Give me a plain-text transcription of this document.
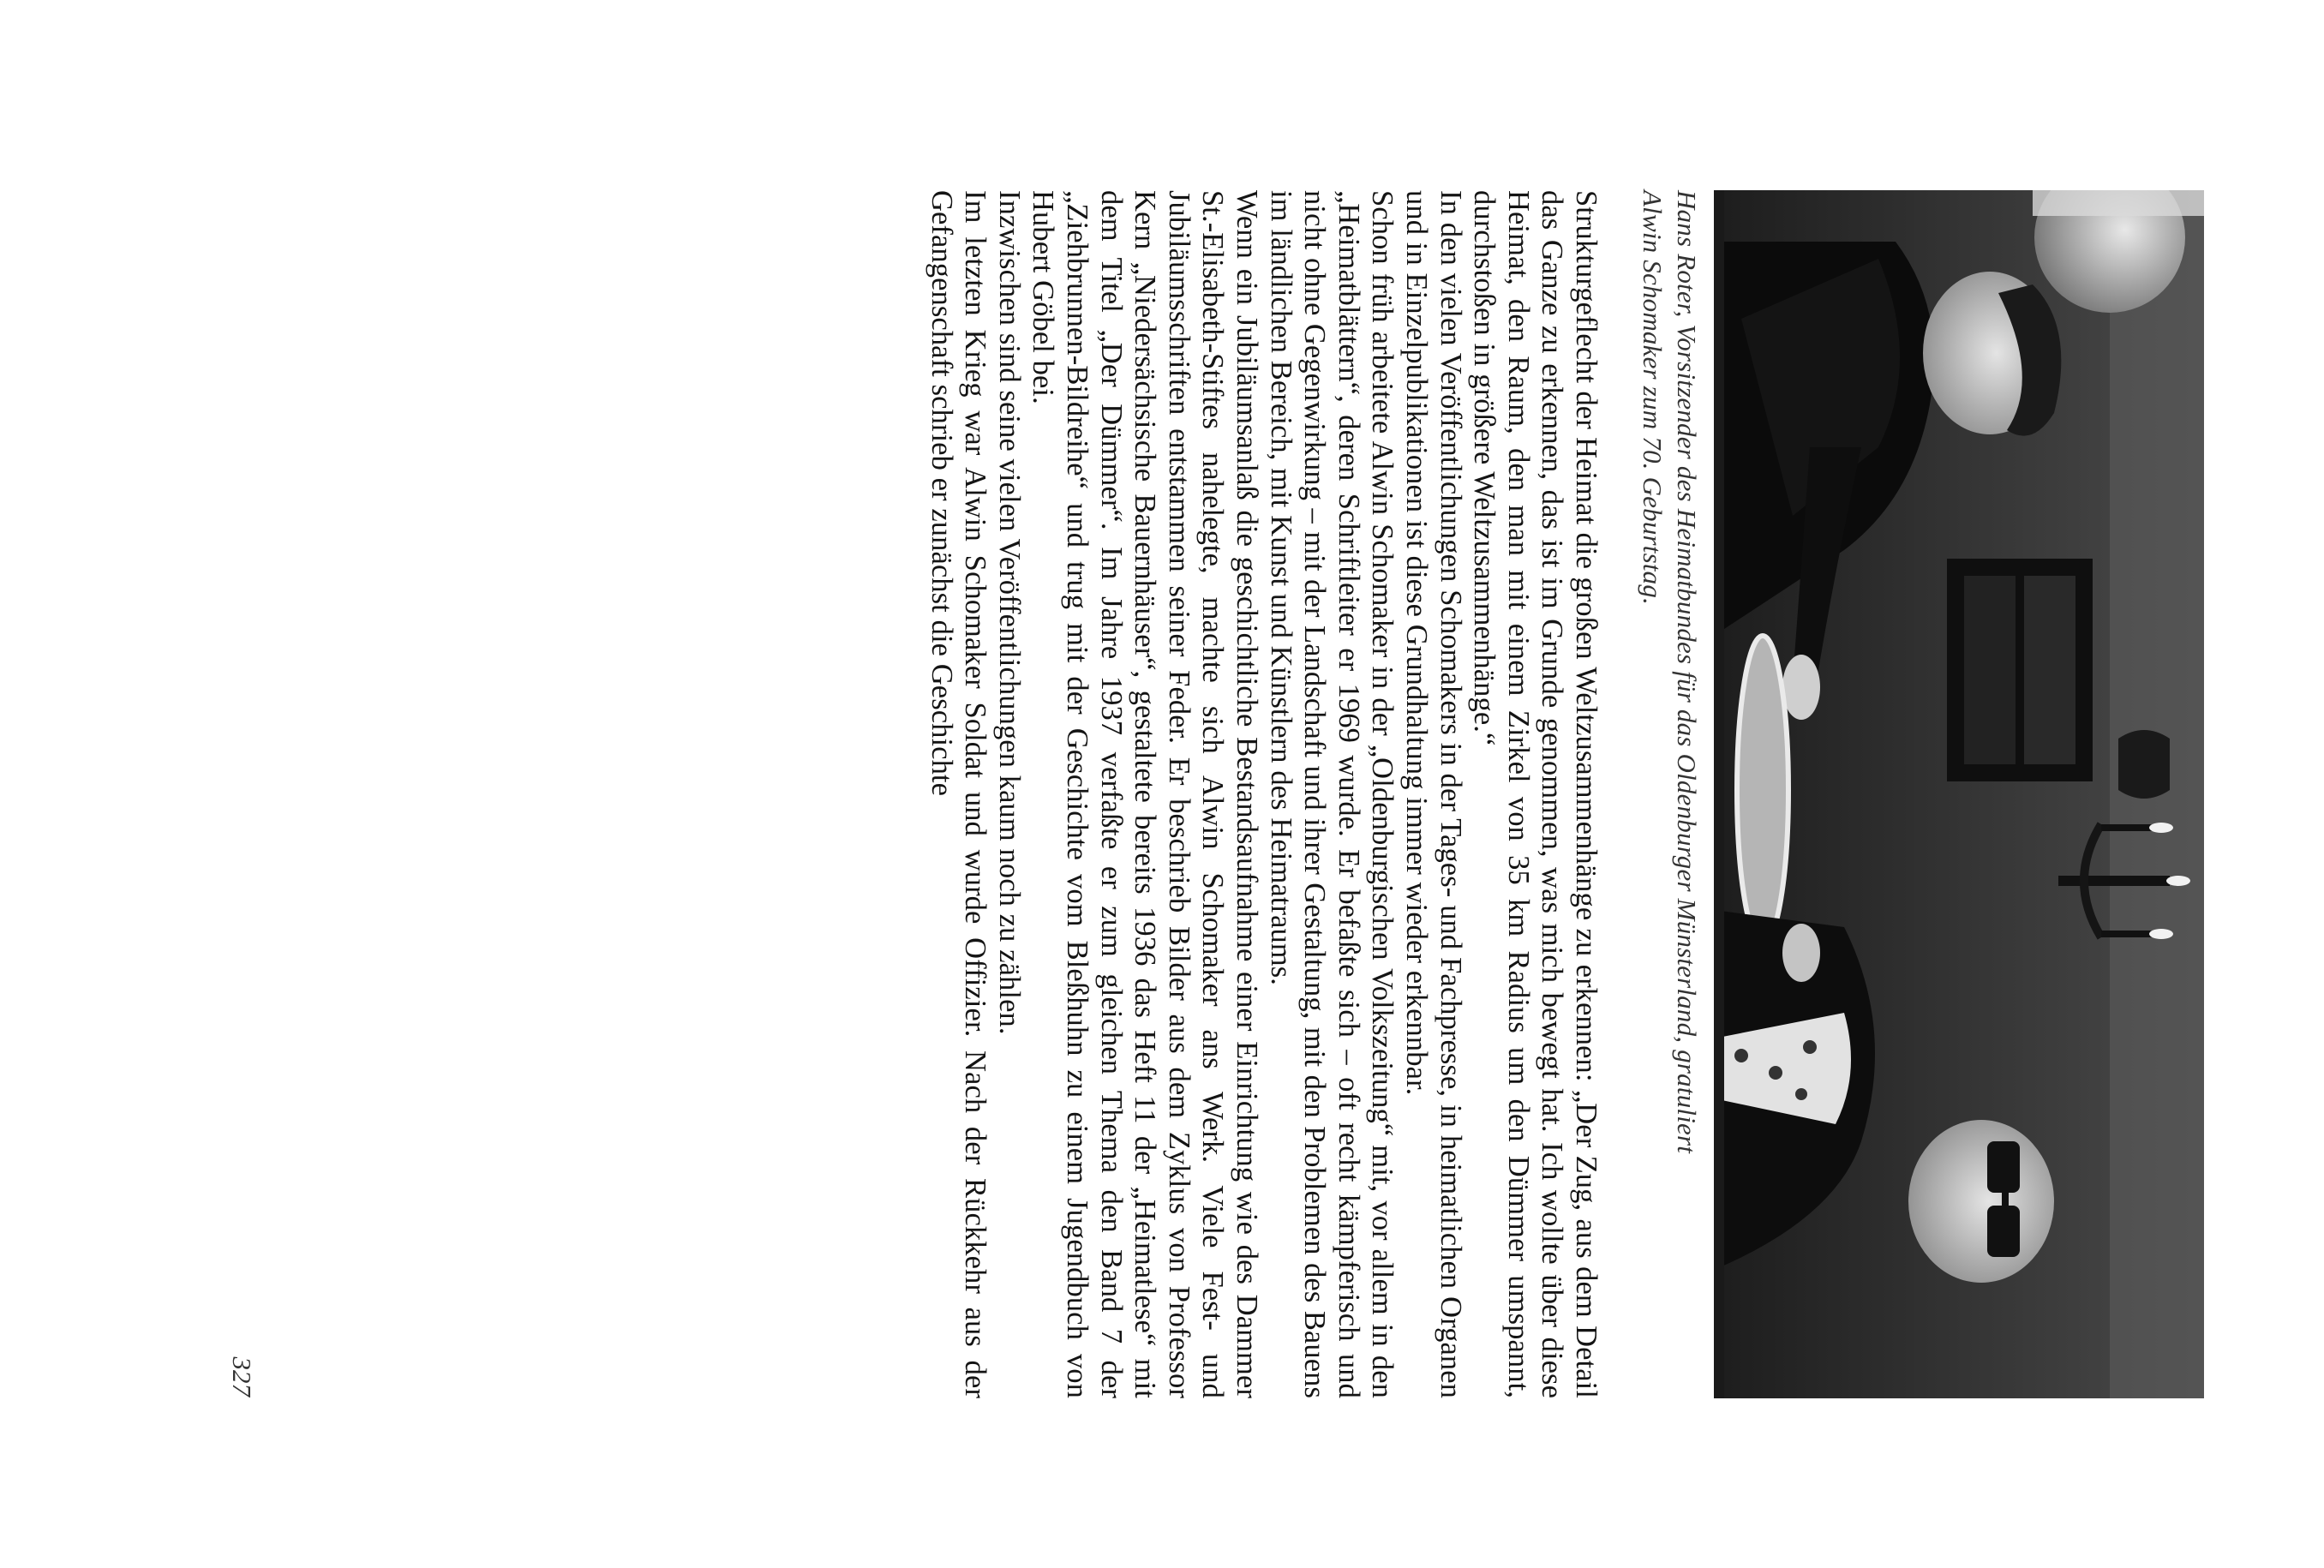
Hans Roter, Vorsitzender des Heimatbundes für das Oldenburger Münsterland, gratuliert
Alwin Schomaker zum 70. Geburtstag.

Strukturgeflecht der Heimat die großen Weltzusammenhänge zu erkennen: „Der Zug, aus dem Detail das Ganze zu erkennen, das ist im Grunde genommen, was mich bewegt hat. Ich wollte über diese Heimat, den Raum, den man mit einem Zirkel von 35 km Radius um den Dümmer umspannt, durchstoßen in größere Weltzusammenhänge.“

In den vielen Veröffentlichungen Schomakers in der Tages- und Fachpresse, in heimatlichen Organen und in Einzelpublikationen ist diese Grundhaltung immer wieder erkennbar.

Schon früh arbeitete Alwin Schomaker in der „Oldenburgischen Volkszeitung“ mit, vor allem in den „Heimatblättern“, deren Schriftleiter er 1969 wurde. Er befaßte sich – oft recht kämpferisch und nicht ohne Gegenwirkung – mit der Landschaft und ihrer Gestaltung, mit den Problemen des Bauens im ländlichen Bereich, mit Kunst und Künstlern des Heimatraums.

Wenn ein Jubiläumsanlaß die geschichtliche Bestandsaufnahme einer Einrichtung wie des Dammer St.-Elisabeth-Stiftes nahelegte, machte sich Alwin Schomaker ans Werk. Viele Fest- und Jubiläumsschriften entstammen seiner Feder. Er beschrieb Bilder aus dem Zyklus von Professor Kern „Niedersächsische Bauernhäuser“, gestaltete bereits 1936 das Heft 11 der „Heimatlese“ mit dem Titel „Der Dümmer“. Im Jahre 1937 verfaßte er zum gleichen Thema den Band 7 der „Ziehbrunnen-Bildreihe“ und trug mit der Geschichte vom Bleßhuhn zu einem Jugendbuch von Hubert Göbel bei.

Inzwischen sind seine vielen Veröffentlichungen kaum noch zu zählen.

Im letzten Krieg war Alwin Schomaker Soldat und wurde Offizier. Nach der Rückkehr aus der Gefangenschaft schrieb er zunächst die Geschichte

327
